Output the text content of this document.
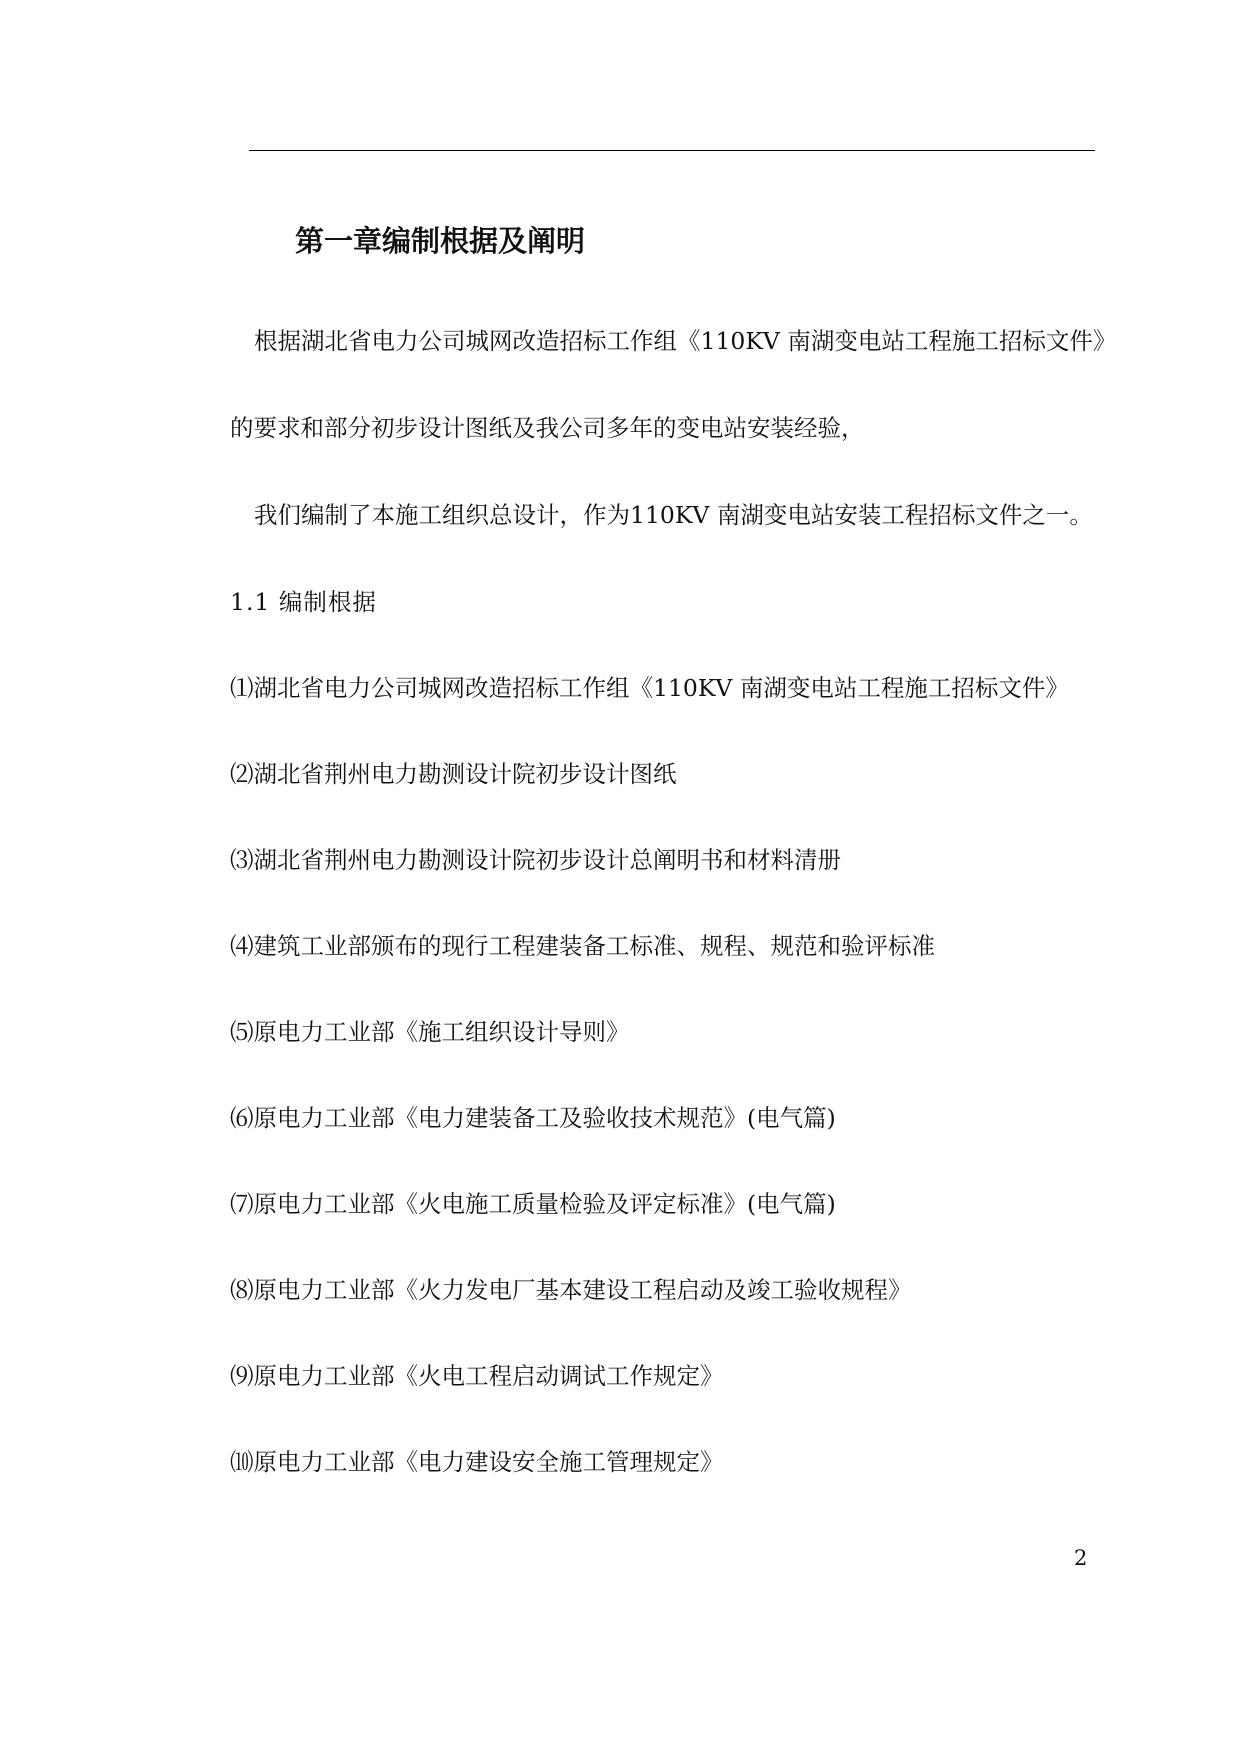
第一章编制根据及阐明

根据湖北省电力公司城网改造招标工作组《110KV 南湖变电站工程施工招标文件》

的要求和部分初步设计图纸及我公司多年的变电站安装经验，

我们编制了本施工组织总设计，作为110KV 南湖变电站安装工程招标文件之一。

1.1 编制根据

⑴湖北省电力公司城网改造招标工作组《110KV 南湖变电站工程施工招标文件》
⑵湖北省荆州电力勘测设计院初步设计图纸
⑶湖北省荆州电力勘测设计院初步设计总阐明书和材料清册
⑷建筑工业部颁布的现行工程建装备工标准、规程、规范和验评标准
⑸原电力工业部《施工组织设计导则》
⑹原电力工业部《电力建装备工及验收技术规范》(电气篇)
⑺原电力工业部《火电施工质量检验及评定标准》(电气篇)
⑻原电力工业部《火力发电厂基本建设工程启动及竣工验收规程》
⑼原电力工业部《火电工程启动调试工作规定》
⑽原电力工业部《电力建设安全施工管理规定》

2
